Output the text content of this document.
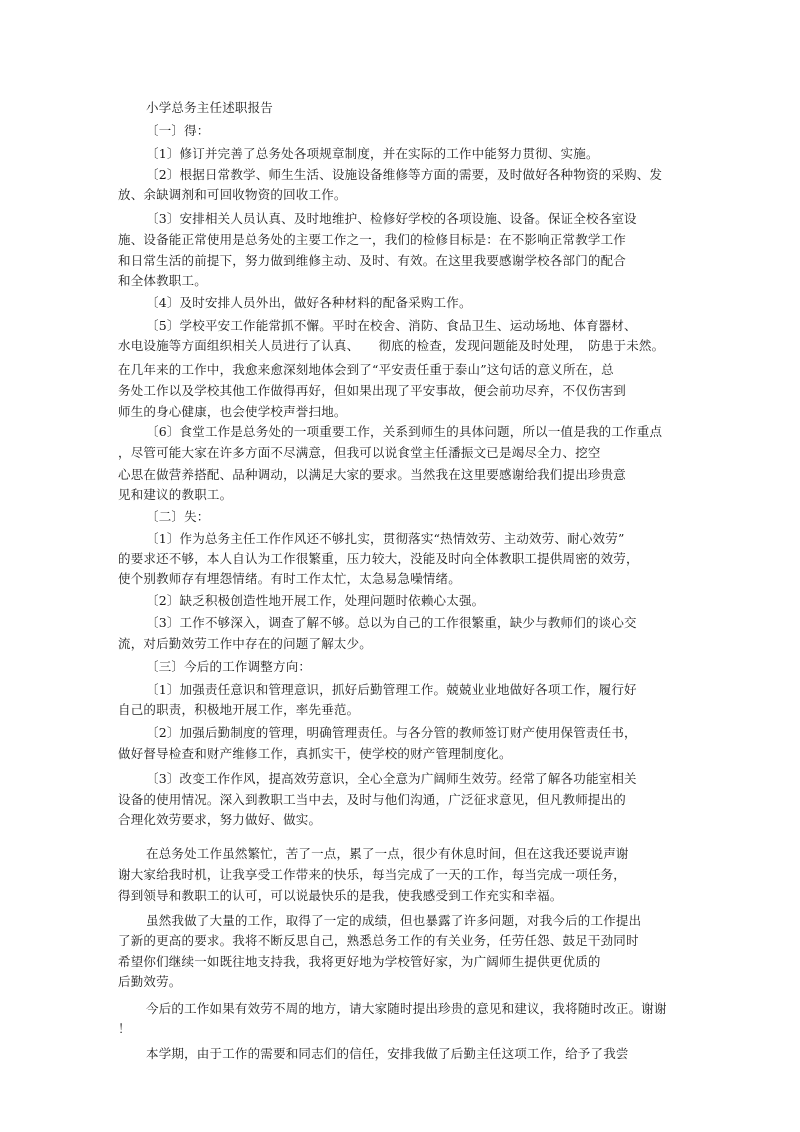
小学总务主任述职报告
〔一〕得：
〔1〕修订并完善了总务处各项规章制度，并在实际的工作中能努力贯彻、实施。
〔2〕根据日常教学、师生生活、设施设备维修等方面的需要，及时做好各种物资的采购、发
放、余缺调剂和可回收物资的回收工作。
〔3〕安排相关人员认真、及时地维护、检修好学校的各项设施、设备。保证全校各室设
施、设备能正常使用是总务处的主要工作之一，我们的检修目标是：在不影响正常教学工作
和日常生活的前提下，努力做到维修主动、及时、有效。在这里我要感谢学校各部门的配合
和全体教职工。
〔4〕及时安排人员外出，做好各种材料的配备采购工作。
〔5〕学校平安工作能常抓不懈。平时在校舍、消防、食品卫生、运动场地、体育器材、
水电设施等方面组织相关人员进行了认真、　　彻底的检查，发现问题能及时处理，　防患于未然。
在几年来的工作中，我愈来愈深刻地体会到了“平安责任重于泰山”这句话的意义所在，总
务处工作以及学校其他工作做得再好，但如果出现了平安事故，便会前功尽弃，不仅伤害到
师生的身心健康，也会使学校声誉扫地。
〔6〕食堂工作是总务处的一项重要工作，关系到师生的具体问题，所以一值是我的工作重点
，尽管可能大家在许多方面不尽满意，但我可以说食堂主任潘振文已是竭尽全力、挖空
心思在做营养搭配、品种调动，以满足大家的要求。当然我在这里要感谢给我们提出珍贵意
见和建议的教职工。
〔二〕失：
〔1〕作为总务主任工作作风还不够扎实，贯彻落实“热情效劳、主动效劳、耐心效劳”
的要求还不够，本人自认为工作很繁重，压力较大，没能及时向全体教职工提供周密的效劳，
使个别教师存有埋怨情绪。有时工作太忙，太急易急噪情绪。
〔2〕缺乏积极创造性地开展工作，处理问题时依赖心太强。
〔3〕工作不够深入，调查了解不够。总以为自己的工作很繁重，缺少与教师们的谈心交
流，对后勤效劳工作中存在的问题了解太少。
〔三〕今后的工作调整方向：
〔1〕加强责任意识和管理意识，抓好后勤管理工作。兢兢业业地做好各项工作，履行好
自己的职责，积极地开展工作，率先垂范。
〔2〕加强后勤制度的管理，明确管理责任。与各分管的教师签订财产使用保管责任书，
做好督导检查和财产维修工作，真抓实干，使学校的财产管理制度化。
〔3〕改变工作作风，提高效劳意识，全心全意为广阔师生效劳。经常了解各功能室相关
设备的使用情况。深入到教职工当中去，及时与他们沟通，广泛征求意见，但凡教师提出的
合理化效劳要求，努力做好、做实。
在总务处工作虽然繁忙，苦了一点，累了一点，很少有休息时间，但在这我还要说声谢
谢大家给我时机，让我享受工作带来的快乐，每当完成了一天的工作，每当完成一项任务，
得到领导和教职工的认可，可以说最快乐的是我，使我感受到工作充实和幸福。
虽然我做了大量的工作，取得了一定的成绩，但也暴露了许多问题，对我今后的工作提出
了新的更高的要求。我将不断反思自己，熟悉总务工作的有关业务，任劳任怨、鼓足干劲同时
希望你们继续一如既往地支持我，我将更好地为学校管好家，为广阔师生提供更优质的
后勤效劳。
今后的工作如果有效劳不周的地方，请大家随时提出珍贵的意见和建议，我将随时改正。谢谢
！
本学期，由于工作的需要和同志们的信任，安排我做了后勤主任这项工作，给予了我尝
